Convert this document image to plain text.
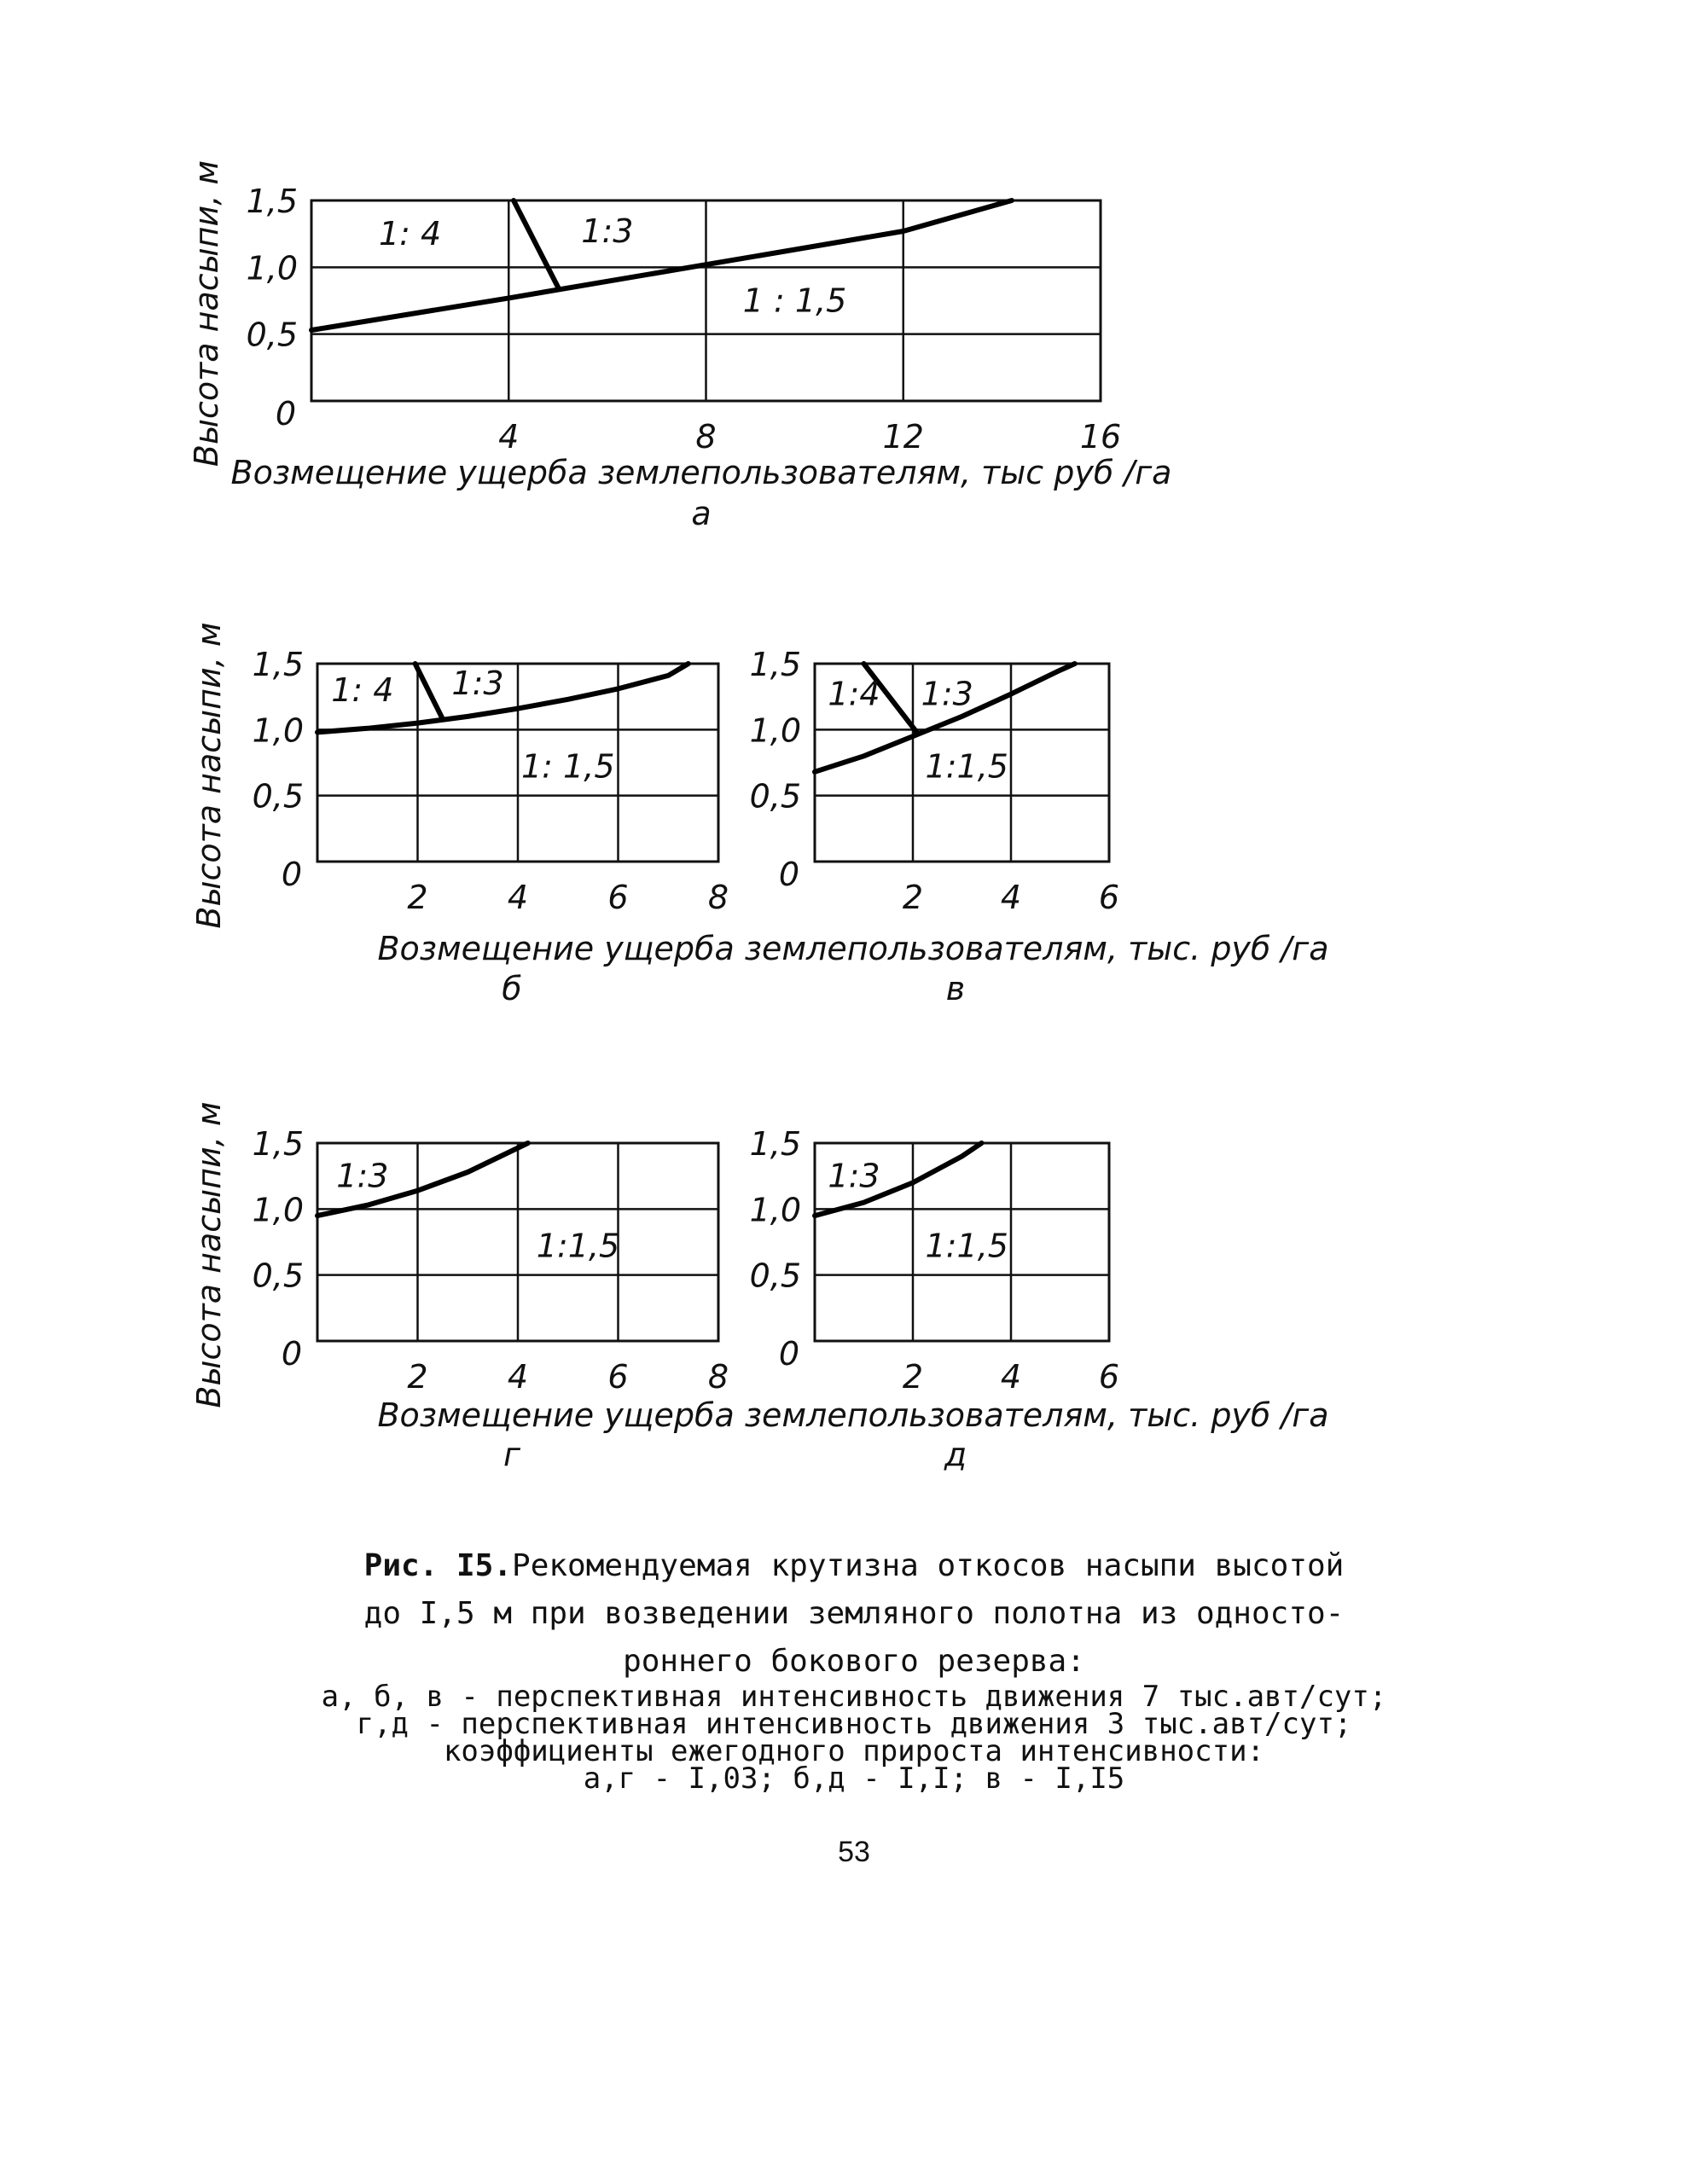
1: 4	1:3
1 : 1,5
4	8	12	16
0
0,5
1,0
1,5
Высота насыпи, м
Возмещение ущерба землепользователям, тыс руб /га
а
1: 4 1:3
1: 1,5
2 4 6 8
0
0,5
1,0
1,5
Высота насыпи, м
Возмещение ущерба землепользователям, тыс. руб /га
б
1:4 1:3
1:1,5
2 4 6
0
0,5
1,0
1,5
в
1:3
1:1,5
2 4 6 8
0
0,5
1,0
1,5
Высота насыпи, м
Возмещение ущерба землепользователям, тыс. руб /га
г
1:3
1:1,5
2 4 6
0
0,5
1,0
1,5
д
Рис. I5.Рекомендуемая крутизна откосов насыпи высотой
до I,5 м при возведении земляного полотна из односто-
роннего бокового резерва:
а, б, в - перспективная интенсивность движения 7 тыс.авт/сут;
г,д - перспективная интенсивность движения 3 тыс.авт/сут;
коэффициенты ежегодного прироста интенсивности:
а,г - I,03; б,д - I,I; в - I,I5
53
